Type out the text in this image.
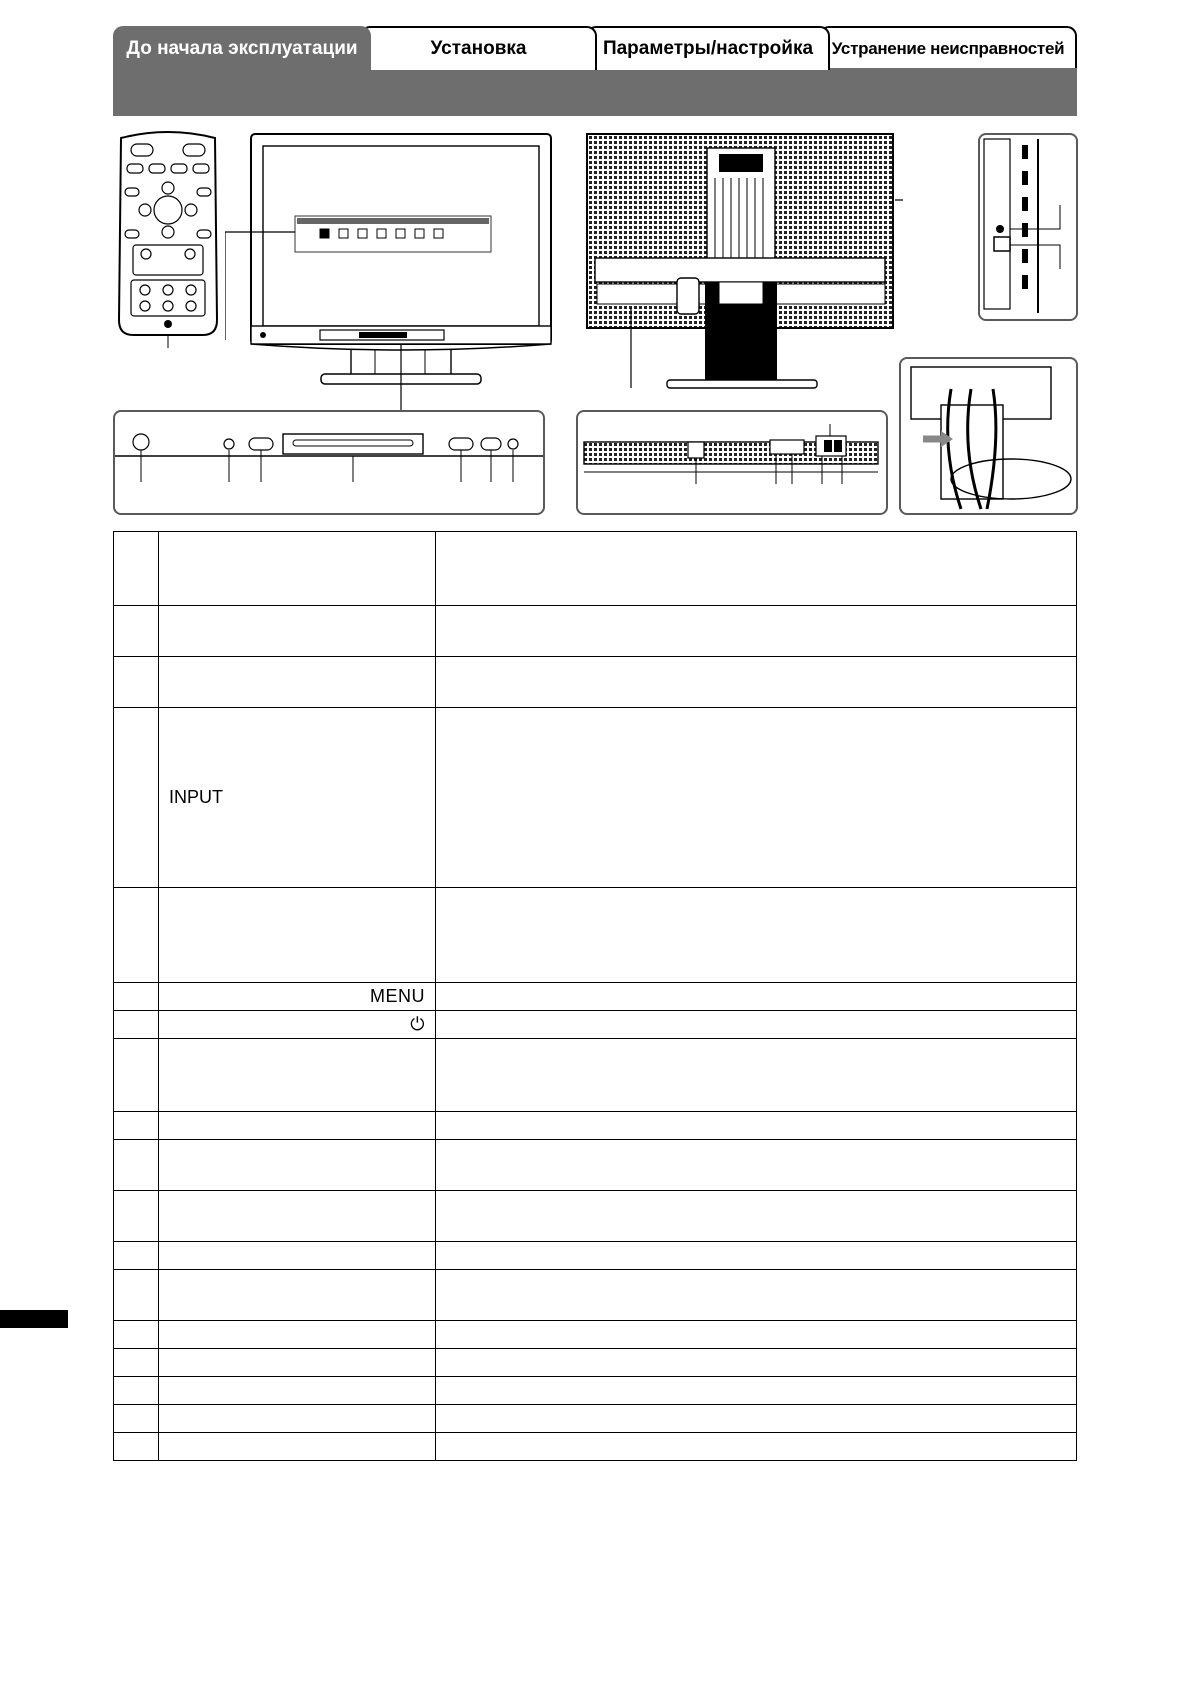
До начала эксплуатации	Установка	Параметры/настройка	Устранение неисправностей

	INPUT	

	MENU	

	⏻	
